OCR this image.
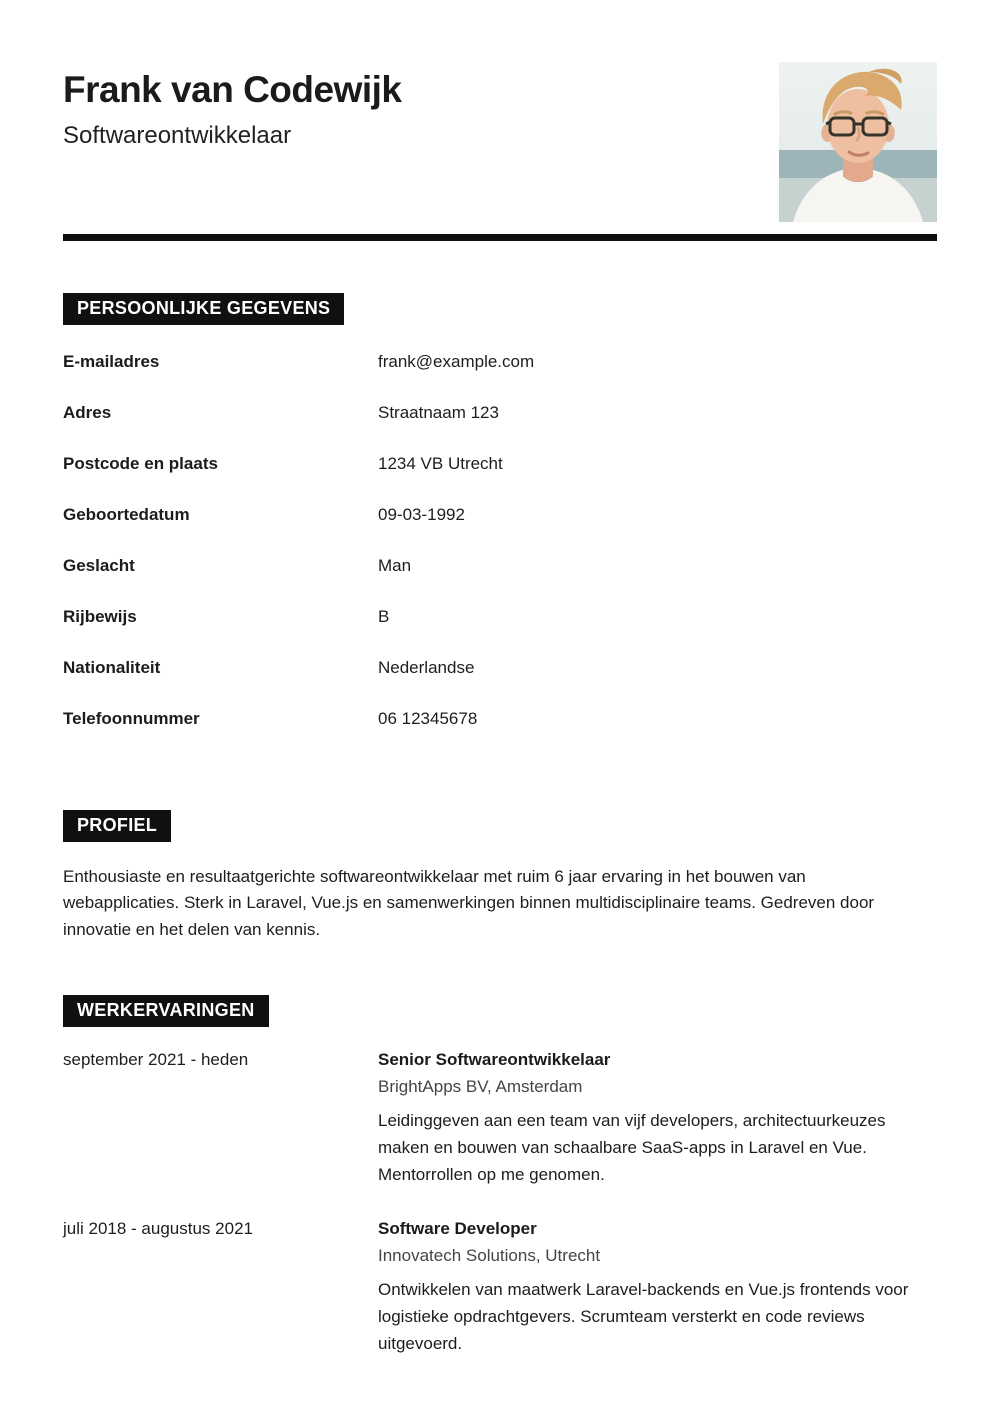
Frank van Codewijk
Softwareontwikkelaar
PERSOONLIJKE GEGEVENS
E-mailadres	frank@example.com
Adres	Straatnaam 123
Postcode en plaats	1234 VB Utrecht
Geboortedatum	09-03-1992
Geslacht	Man
Rijbewijs	B
Nationaliteit	Nederlandse
Telefoonnummer	06 12345678
PROFIEL

Enthousiaste en resultaatgerichte softwareontwikkelaar met ruim 6 jaar ervaring in het bouwen van webapplicaties. Sterk in Laravel, Vue.js en samenwerkingen binnen multidisciplinaire teams. Gedreven door innovatie en het delen van kennis.

WERKERVARINGEN
september 2021 - heden	Senior Softwareontwikkelaar
BrightApps BV, Amsterdam

Leidinggeven aan een team van vijf developers, architectuurkeuzes maken en bouwen van schaalbare SaaS-apps in Laravel en Vue. Mentorrollen op me genomen.

juli 2018 - augustus 2021	Software Developer
Innovatech Solutions, Utrecht

Ontwikkelen van maatwerk Laravel-backends en Vue.js frontends voor logistieke opdrachtgevers. Scrumteam versterkt en code reviews uitgevoerd.
